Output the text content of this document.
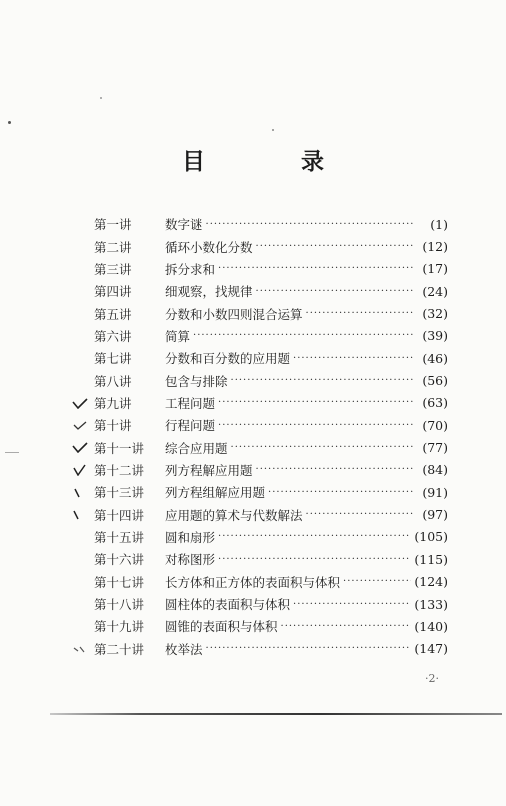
目 录
第一讲	数字谜 ·····	(1)
第二讲	循环小数化分数 ·····	(12)
第三讲	拆分求和 ·····	(17)
第四讲	细观察，找规律 ·····	(24)
第五讲	分数和小数四则混合运算 ·····	(32)
第六讲	简算 ·····	(39)
第七讲	分数和百分数的应用题 ·····	(46)
第八讲	包含与排除 ·····	(56)
第九讲	工程问题 ·····	(63)
第十讲	行程问题 ·····	(70)
第十一讲	综合应用题 ·····	(77)
第十二讲	列方程解应用题 ·····	(84)
第十三讲	列方程组解应用题 ·····	(91)
第十四讲	应用题的算术与代数解法 ·····	(97)
第十五讲	圆和扇形 ·····	(105)
第十六讲	对称图形 ·····	(115)
第十七讲	长方体和正方体的表面积与体积 ·····	(124)
第十八讲	圆柱体的表面积与体积 ·····	(133)
第十九讲	圆锥的表面积与体积 ·····	(140)
第二十讲	枚举法 ·····	(147)
·2·
